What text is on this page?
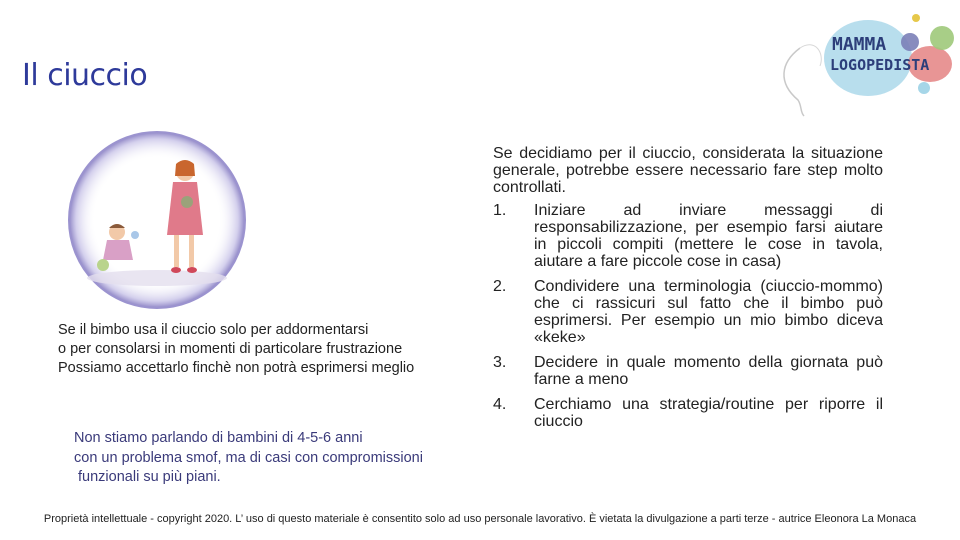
Il ciuccio
MAMMA
LOGOPEDISTA
Se il bimbo usa il ciuccio solo per addormentarsi
o per consolarsi in momenti di particolare frustrazione
Possiamo accettarlo finchè non potrà esprimersi meglio
Non stiamo parlando di bambini di 4-5-6 anni
con un problema smof, ma di casi con compromissioni
funzionali su più piani.

Se decidiamo per il ciuccio, considerata la situazione generale, potrebbe essere necessario fare step molto controllati.

1.	Iniziare ad inviare messaggi di responsabilizzazione, per esempio farsi aiutare in piccoli compiti (mettere le cose in tavola, aiutare a fare piccole cose in casa)
2.	Condividere una terminologia (ciuccio-mommo) che ci rassicuri sul fatto che il bimbo può esprimersi. Per esempio un mio bimbo diceva «keke»
3.	Decidere in quale momento della giornata può farne a meno
4.	Cerchiamo una strategia/routine per riporre il ciuccio
Proprietà intellettuale - copyright 2020. L’ uso di questo materiale è consentito solo ad uso personale lavorativo. È vietata la divulgazione a parti terze - autrice Eleonora La Monaca
